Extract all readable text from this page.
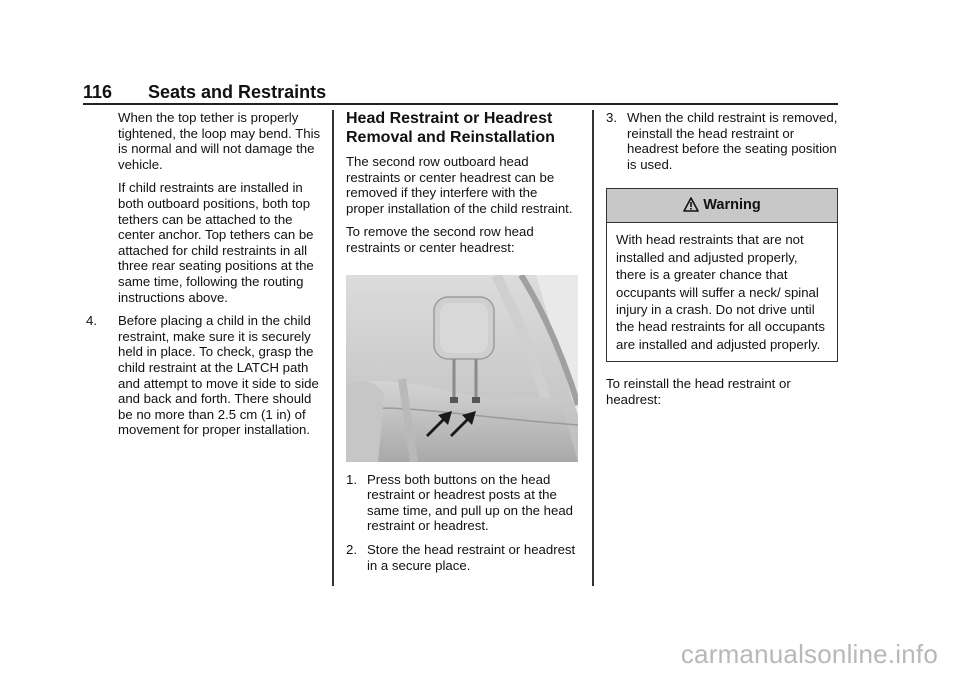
116 Seats and Restraints

When the top tether is properly tightened, the loop may bend. This is normal and will not damage the vehicle.

If child restraints are installed in both outboard positions, both top tethers can be attached to the center anchor. Top tethers can be attached for child restraints in all three rear seating positions at the same time, following the routing instructions above.

4. Before placing a child in the child restraint, make sure it is securely held in place. To check, grasp the child restraint at the LATCH path and attempt to move it side to side and back and forth. There should be no more than 2.5 cm (1 in) of movement for proper installation.
Head Restraint or Headrest Removal and Reinstallation

The second row outboard head restraints or center headrest can be removed if they interfere with the proper installation of the child restraint.

To remove the second row head restraints or center headrest:

1. Press both buttons on the head restraint or headrest posts at the same time, and pull up on the head restraint or headrest.
2. Store the head restraint or headrest in a secure place.
3. When the child restraint is removed, reinstall the head restraint or headrest before the seating position is used.
Warning
With head restraints that are not installed and adjusted properly, there is a greater chance that occupants will suffer a neck/ spinal injury in a crash. Do not drive until the head restraints for all occupants are installed and adjusted properly.

To reinstall the head restraint or headrest:

carmanualsonline.info
